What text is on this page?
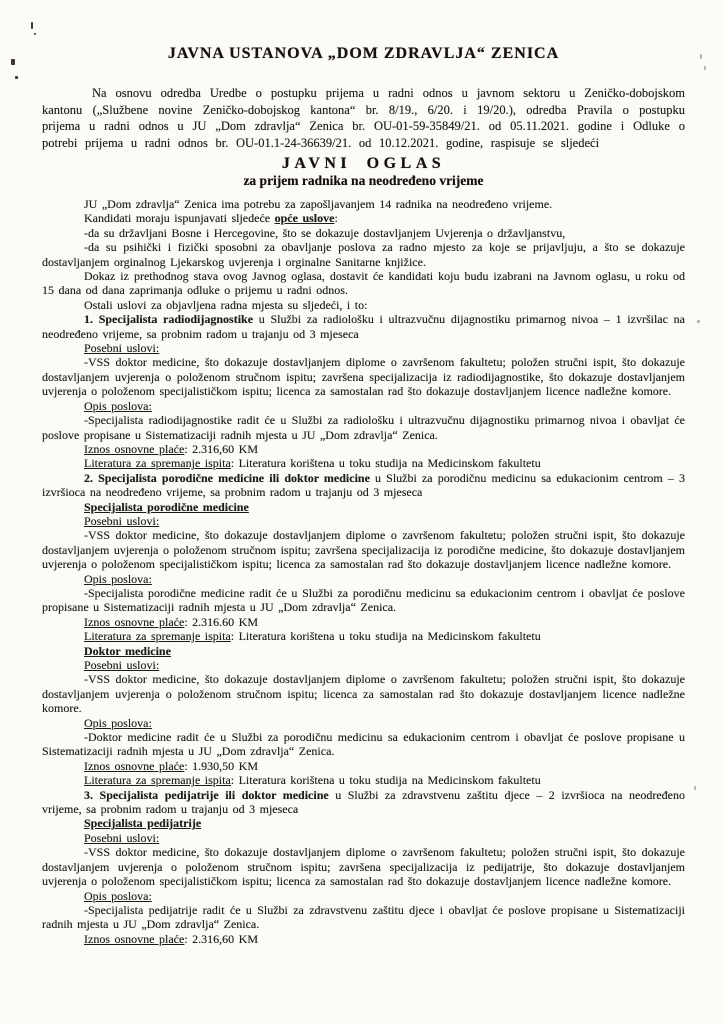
JAVNA USTANOVA „DOM ZDRAVLJA“ ZENICA

Na osnovu odredba Uredbe o postupku prijema u radni odnos u javnom sektoru u Zeničko-dobojskom kantonu („Službene novine Zeničko-dobojskog kantona“ br. 8/19., 6/20. i 19/20.), odredba Pravila o postupku prijema u radni odnos u JU „Dom zdravlja“ Zenica br. OU-01-59-35849/21. od 05.11.2021. godine i Odluke o potrebi prijema u radni odnos br. OU-01.1-24-36639/21. od 10.12.2021. godine, raspisuje se sljedeći

JAVNI OGLAS
za prijem radnika na neodređeno vrijeme

JU „Dom zdravlja“ Zenica ima potrebu za zapošljavanjem 14 radnika na neodređeno vrijeme.

Kandidati moraju ispunjavati sljedeće opće uslove:

-da su državljani Bosne i Hercegovine, što se dokazuje dostavljanjem Uvjerenja o državljanstvu,

-da su psihički i fizički sposobni za obavljanje poslova za radno mjesto za koje se prijavljuju, a što se dokazuje dostavljanjem orginalnog Ljekarskog uvjerenja i orginalne Sanitarne knjižice.

Dokaz iz prethodnog stava ovog Javnog oglasa, dostavit će kandidati koju budu izabrani na Javnom oglasu, u roku od 15 dana od dana zaprimanja odluke o prijemu u radni odnos.

Ostali uslovi za objavljena radna mjesta su sljedeći, i to:

1. Specijalista radiodijagnostike u Službi za radiološku i ultrazvučnu dijagnostiku primarnog nivoa – 1 izvršilac na neodređeno vrijeme, sa probnim radom u trajanju od 3 mjeseca

Posebni uslovi:

-VSS doktor medicine, što dokazuje dostavljanjem diplome o završenom fakultetu; položen stručni ispit, što dokazuje dostavljanjem uvjerenja o položenom stručnom ispitu; završena specijalizacija iz radiodijagnostike, što dokazuje dostavljanjem uvjerenja o položenom specijalističkom ispitu; licenca za samostalan rad što dokazuje dostavljanjem licence nadležne komore.

Opis poslova:

-Specijalista radiodijagnostike radit će u Službi za radiološku i ultrazvučnu dijagnostiku primarnog nivoa i obavljat će poslove propisane u Sistematizaciji radnih mjesta u JU „Dom zdravlja“ Zenica.

Iznos osnovne plaće: 2.316,60 KM

Literatura za spremanje ispita: Literatura korištena u toku studija na Medicinskom fakultetu

2. Specijalista porodične medicine ili doktor medicine u Službi za porodičnu medicinu sa edukacionim centrom – 3 izvršioca na neodređeno vrijeme, sa probnim radom u trajanju od 3 mjeseca

Specijalista porodične medicine

Posebni uslovi:

-VSS doktor medicine, što dokazuje dostavljanjem diplome o završenom fakultetu; položen stručni ispit, što dokazuje dostavljanjem uvjerenja o položenom stručnom ispitu; završena specijalizacija iz porodične medicine, što dokazuje dostavljanjem uvjerenja o položenom specijalističkom ispitu; licenca za samostalan rad što dokazuje dostavljanjem licence nadležne komore.

Opis poslova:

-Specijalista porodične medicine radit će u Službi za porodičnu medicinu sa edukacionim centrom i obavljat će poslove propisane u Sistematizaciji radnih mjesta u JU „Dom zdravlja“ Zenica.

Iznos osnovne plaće: 2.316.60 KM

Literatura za spremanje ispita: Literatura korištena u toku studija na Medicinskom fakultetu

Doktor medicine

Posebni uslovi:

-VSS doktor medicine, što dokazuje dostavljanjem diplome o završenom fakultetu; položen stručni ispit, što dokazuje dostavljanjem uvjerenja o položenom stručnom ispitu; licenca za samostalan rad što dokazuje dostavljanjem licence nadležne komore.

Opis poslova:

-Doktor medicine radit će u Službi za porodičnu medicinu sa edukacionim centrom i obavljat će poslove propisane u Sistematizaciji radnih mjesta u JU „Dom zdravlja“ Zenica.

Iznos osnovne plaće: 1.930,50 KM

Literatura za spremanje ispita: Literatura korištena u toku studija na Medicinskom fakultetu

3. Specijalista pedijatrije ili doktor medicine u Službi za zdravstvenu zaštitu djece – 2 izvršioca na neodređeno vrijeme, sa probnim radom u trajanju od 3 mjeseca

Specijalista pedijatrije

Posebni uslovi:

-VSS doktor medicine, što dokazuje dostavljanjem diplome o završenom fakultetu; položen stručni ispit, što dokazuje dostavljanjem uvjerenja o položenom stručnom ispitu; završena specijalizacija iz pedijatrije, što dokazuje dostavljanjem uvjerenja o položenom specijalističkom ispitu; licenca za samostalan rad što dokazuje dostavljanjem licence nadležne komore.

Opis poslova:

-Specijalista pedijatrije radit će u Službi za zdravstvenu zaštitu djece i obavljat će poslove propisane u Sistematizaciji radnih mjesta u JU „Dom zdravlja“ Zenica.

Iznos osnovne plaće: 2.316,60 KM
